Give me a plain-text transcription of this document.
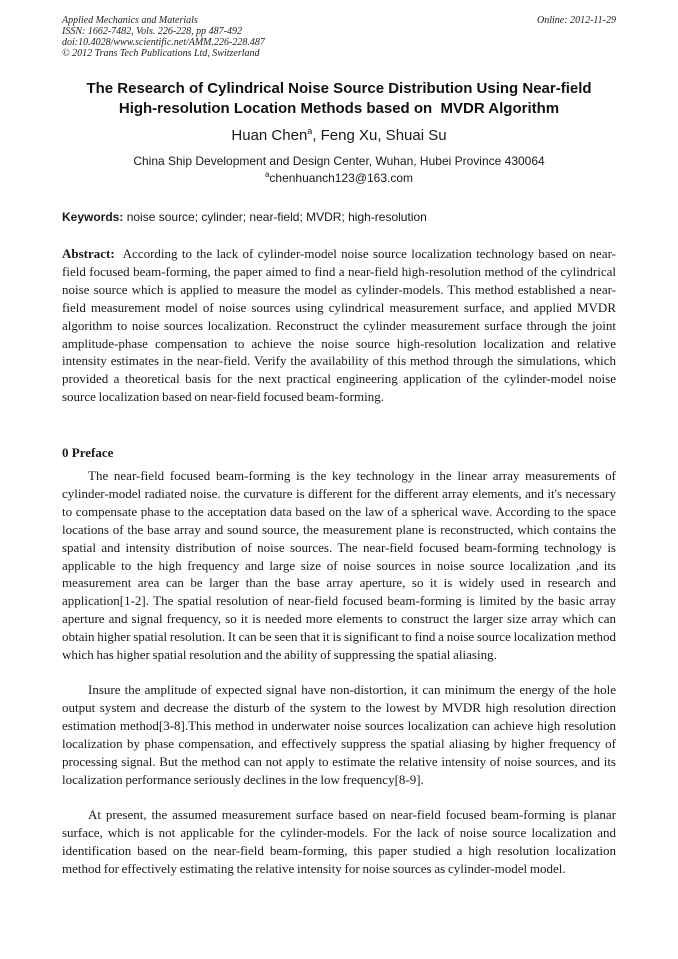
Applied Mechanics and Materials	Online: 2012-11-29
ISSN: 1662-7482, Vols. 226-228, pp 487-492
doi:10.4028/www.scientific.net/AMM.226-228.487
© 2012 Trans Tech Publications Ltd, Switzerland
The Research of Cylindrical Noise Source Distribution Using Near-field
High-resolution Location Methods based on  MVDR Algorithm
Huan Chen$^a$, Feng Xu, Shuai Su
China Ship Development and Design Center, Wuhan, Hubei Province 430064
$^a$chenhuanch123@163.com
Keywords: noise source; cylinder; near-field; MVDR; high-resolution

Abstract:  According to the lack of cylinder-model noise source localization technology based on near-field focused beam-forming, the paper aimed to find a near-field high-resolution method of the cylindrical noise source which is applied to measure the model as cylinder-models. This method established a near-field measurement model of noise sources using cylindrical measurement surface, and applied MVDR algorithm to noise sources localization. Reconstruct the cylinder measurement surface through the joint amplitude-phase compensation to achieve the noise source high-resolution localization and relative intensity estimates in the near-field. Verify the availability of this method through the simulations, which provided a theoretical basis for the next practical engineering application of the cylinder-model noise source localization based on near-field focused beam-forming.

0 Preface

The near-field focused beam-forming is the key technology in the linear array measurements of cylinder-model radiated noise. the curvature is different for the different array elements, and it's necessary to compensate phase to the acceptation data based on the law of a spherical wave. According to the space locations of the base array and sound source, the measurement plane is reconstructed, which contains the spatial and intensity distribution of noise sources. The near-field focused beam-forming technology is applicable to the high frequency and large size of noise sources in noise source localization ,and its measurement area can be larger than the base array aperture, so it is widely used in research and application[1-2]. The spatial resolution of near-field focused beam-forming is limited by the basic array aperture and signal frequency, so it is needed more elements to construct the larger size array which can obtain higher spatial resolution. It can be seen that it is significant to find a noise source localization method which has higher spatial resolution and the ability of suppressing the spatial aliasing.

Insure the amplitude of expected signal have non-distortion, it can minimum the energy of the hole output system and decrease the disturb of the system to the lowest by MVDR high resolution direction estimation method[3-8].This method in underwater noise sources localization can achieve high resolution localization by phase compensation, and effectively suppress the spatial aliasing by higher frequency of processing signal. But the method can not apply to estimate the relative intensity of noise sources, and its localization performance seriously declines in the low frequency[8-9].

At present, the assumed measurement surface based on near-field focused beam-forming is planar surface, which is not applicable for the cylinder-models. For the lack of noise source localization and identification based on the near-field beam-forming, this paper studied a high resolution localization method for effectively estimating the relative intensity for noise sources as cylinder-model model.
